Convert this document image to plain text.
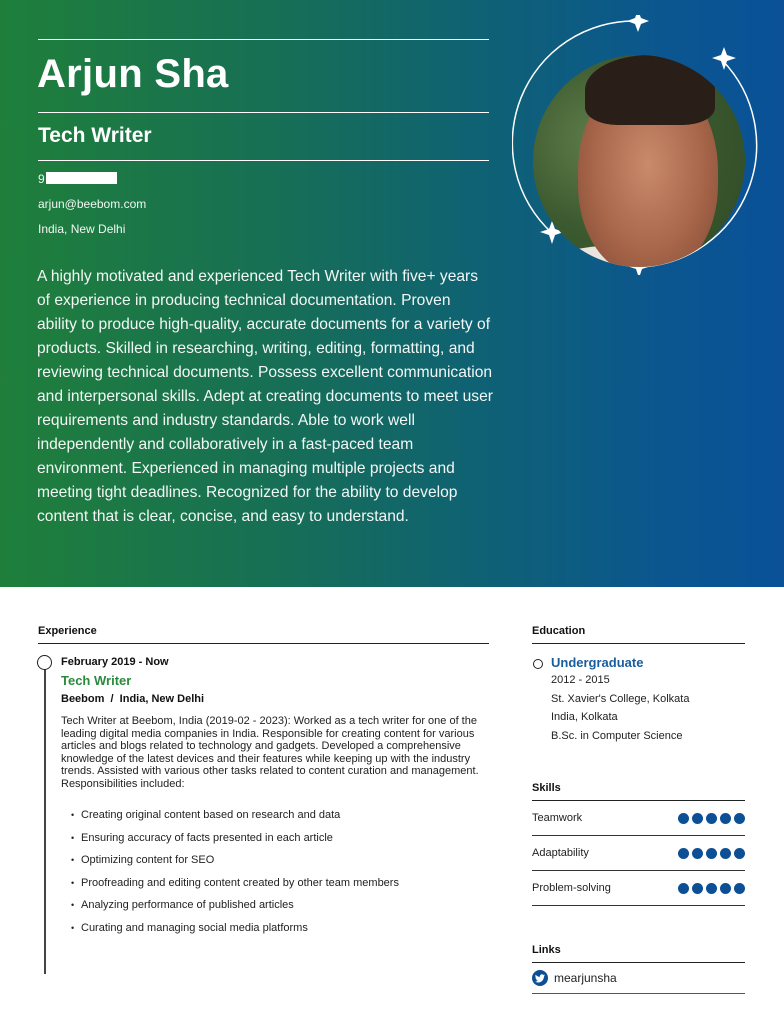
Arjun Sha
Tech Writer
9
arjun@beebom.com
India, New Delhi
A highly motivated and experienced Tech Writer with five+ years of experience in producing technical documentation. Proven ability to produce high-quality, accurate documents for a variety of products. Skilled in researching, writing, editing, formatting, and reviewing technical documents. Possess excellent communication and interpersonal skills. Adept at creating documents to meet user requirements and industry standards. Able to work well independently and collaboratively in a fast-paced team environment. Experienced in managing multiple projects and meeting tight deadlines. Recognized for the ability to develop content that is clear, concise, and easy to understand.
Experience
February 2019 - Now
Tech Writer
Beebom  /  India, New Delhi
Tech Writer at Beebom, India (2019-02 - 2023): Worked as a tech writer for one of the leading digital media companies in India. Responsible for creating content for various articles and blogs related to technology and gadgets. Developed a comprehensive knowledge of the latest devices and their features while keeping up with the industry trends. Assisted with various other tasks related to content curation and management. Responsibilities included:
• Creating original content based on research and data
• Ensuring accuracy of facts presented in each article
• Optimizing content for SEO
• Proofreading and editing content created by other team members
• Analyzing performance of published articles
• Curating and managing social media platforms
Education
Undergraduate
2012 - 2015
St. Xavier's College, Kolkata
India, Kolkata
B.Sc. in Computer Science
Skills
Teamwork
Adaptability
Problem-solving
Links
mearjunsha
